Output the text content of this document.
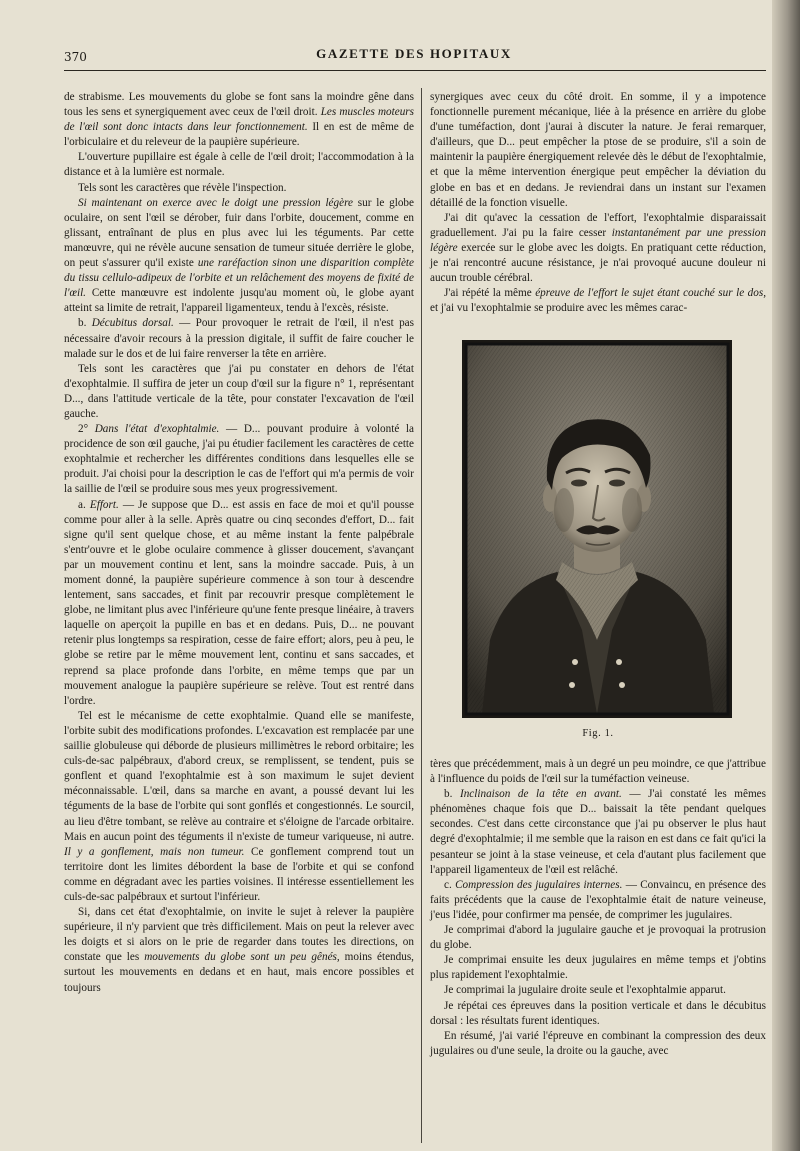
370	GAZETTE DES HOPITAUX

de strabisme. Les mouvements du globe se font sans la moindre gêne dans tous les sens et synergiquement avec ceux de l'œil droit. Les muscles moteurs de l'œil sont donc intacts dans leur fonctionnement. Il en est de même de l'orbiculaire et du releveur de la paupière supérieure.

L'ouverture pupillaire est égale à celle de l'œil droit; l'accommodation à la distance et à la lumière est normale.

Tels sont les caractères que révèle l'inspection.

Si maintenant on exerce avec le doigt une pression légère sur le globe oculaire, on sent l'œil se dérober, fuir dans l'orbite, doucement, comme en glissant, entraînant de plus en plus avec lui les téguments. Par cette manœuvre, qui ne révèle aucune sensation de tumeur située derrière le globe, on peut s'assurer qu'il existe une raréfaction sinon une disparition complète du tissu cellulo-adipeux de l'orbite et un relâchement des moyens de fixité de l'œil. Cette manœuvre est indolente jusqu'au moment où, le globe ayant atteint sa limite de retrait, l'appareil ligamenteux, tendu à l'excès, résiste.

b. Décubitus dorsal. — Pour provoquer le retrait de l'œil, il n'est pas nécessaire d'avoir recours à la pression digitale, il suffit de faire coucher le malade sur le dos et de lui faire renverser la tête en arrière.

Tels sont les caractères que j'ai pu constater en dehors de l'état d'exophtalmie. Il suffira de jeter un coup d'œil sur la figure n° 1, représentant D..., dans l'attitude verticale de la tête, pour constater l'excavation de l'œil gauche.

2° Dans l'état d'exophtalmie. — D... pouvant produire à volonté la procidence de son œil gauche, j'ai pu étudier facilement les caractères de cette exophtalmie et rechercher les différentes conditions dans lesquelles elle se produit. J'ai choisi pour la description le cas de l'effort qui m'a permis de voir la saillie de l'œil se produire sous mes yeux progressivement.

a. Effort. — Je suppose que D... est assis en face de moi et qu'il pousse comme pour aller à la selle. Après quatre ou cinq secondes d'effort, D... fait signe qu'il sent quelque chose, et au même instant la fente palpébrale s'entr'ouvre et le globe oculaire commence à glisser doucement, s'avançant par un mouvement continu et lent, sans la moindre saccade. Puis, à un moment donné, la paupière supérieure commence à son tour à descendre lentement, sans saccades, et finit par recouvrir presque complètement le globe, ne limitant plus avec l'inférieure qu'une fente presque linéaire, à travers laquelle on aperçoit la pupille en bas et en dedans. Puis, D... ne pouvant retenir plus longtemps sa respiration, cesse de faire effort; alors, peu à peu, le globe se retire par le même mouvement lent, continu et sans saccades, et reprend sa place profonde dans l'orbite, en même temps que par un mouvement analogue la paupière supérieure se relève. Tout est rentré dans l'ordre.

Tel est le mécanisme de cette exophtalmie. Quand elle se manifeste, l'orbite subit des modifications profondes. L'excavation est remplacée par une saillie globuleuse qui déborde de plusieurs millimètres le rebord orbitaire; les culs-de-sac palpébraux, d'abord creux, se remplissent, se tendent, puis se gonflent et quand l'exophtalmie est à son maximum le sujet devient méconnaissable. L'œil, dans sa marche en avant, a poussé devant lui les téguments de la base de l'orbite qui sont gonflés et congestionnés. Le sourcil, au lieu d'être tombant, se relève au contraire et s'éloigne de l'arcade orbitaire. Mais en aucun point des téguments il n'existe de tumeur variqueuse, ni autre. Il y a gonflement, mais non tumeur. Ce gonflement comprend tout un territoire dont les limites débordent la base de l'orbite et qui se confond comme en dégradant avec les parties voisines. Il intéresse essentiellement les culs-de-sac palpébraux et surtout l'inférieur.

Si, dans cet état d'exophtalmie, on invite le sujet à relever la paupière supérieure, il n'y parvient que très difficilement. Mais on peut la relever avec les doigts et si alors on le prie de regarder dans toutes les directions, on constate que les mouvements du globe sont un peu gênés, moins étendus, surtout les mouvements en dedans et en haut, mais encore possibles et toujours

synergiques avec ceux du côté droit. En somme, il y a impotence fonctionnelle purement mécanique, liée à la présence en arrière du globe d'une tuméfaction, dont j'aurai à discuter la nature. Je ferai remarquer, d'ailleurs, que D... peut empêcher la ptose de se produire, s'il a soin de maintenir la paupière énergiquement relevée dès le début de l'exophtalmie, et que la même intervention énergique peut empêcher la déviation du globe en bas et en dedans. Je reviendrai dans un instant sur l'examen détaillé de la fonction visuelle.

J'ai dit qu'avec la cessation de l'effort, l'exophtalmie disparaissait graduellement. J'ai pu la faire cesser instantanément par une pression légère exercée sur le globe avec les doigts. En pratiquant cette réduction, je n'ai rencontré aucune résistance, je n'ai provoqué aucune douleur ni aucun trouble cérébral.

J'ai répété la même épreuve de l'effort le sujet étant couché sur le dos, et j'ai vu l'exophtalmie se produire avec les mêmes carac-

Fig. 1.

tères que précédemment, mais à un degré un peu moindre, ce que j'attribue à l'influence du poids de l'œil sur la tuméfaction veineuse.

b. Inclinaison de la tête en avant. — J'ai constaté les mêmes phénomènes chaque fois que D... baissait la tête pendant quelques secondes. C'est dans cette circonstance que j'ai pu observer le plus haut degré d'exophtalmie; il me semble que la raison en est dans ce fait qu'ici la pesanteur se joint à la stase veineuse, et cela d'autant plus facilement que l'appareil ligamenteux de l'œil est relâché.

c. Compression des jugulaires internes. — Convaincu, en présence des faits précédents que la cause de l'exophtalmie était de nature veineuse, j'eus l'idée, pour confirmer ma pensée, de comprimer les jugulaires.

Je comprimai d'abord la jugulaire gauche et je provoquai la protrusion du globe.

Je comprimai ensuite les deux jugulaires en même temps et j'obtins plus rapidement l'exophtalmie.

Je comprimai la jugulaire droite seule et l'exophtalmie apparut.

Je répétai ces épreuves dans la position verticale et dans le décubitus dorsal : les résultats furent identiques.

En résumé, j'ai varié l'épreuve en combinant la compression des deux jugulaires ou d'une seule, la droite ou la gauche, avec
